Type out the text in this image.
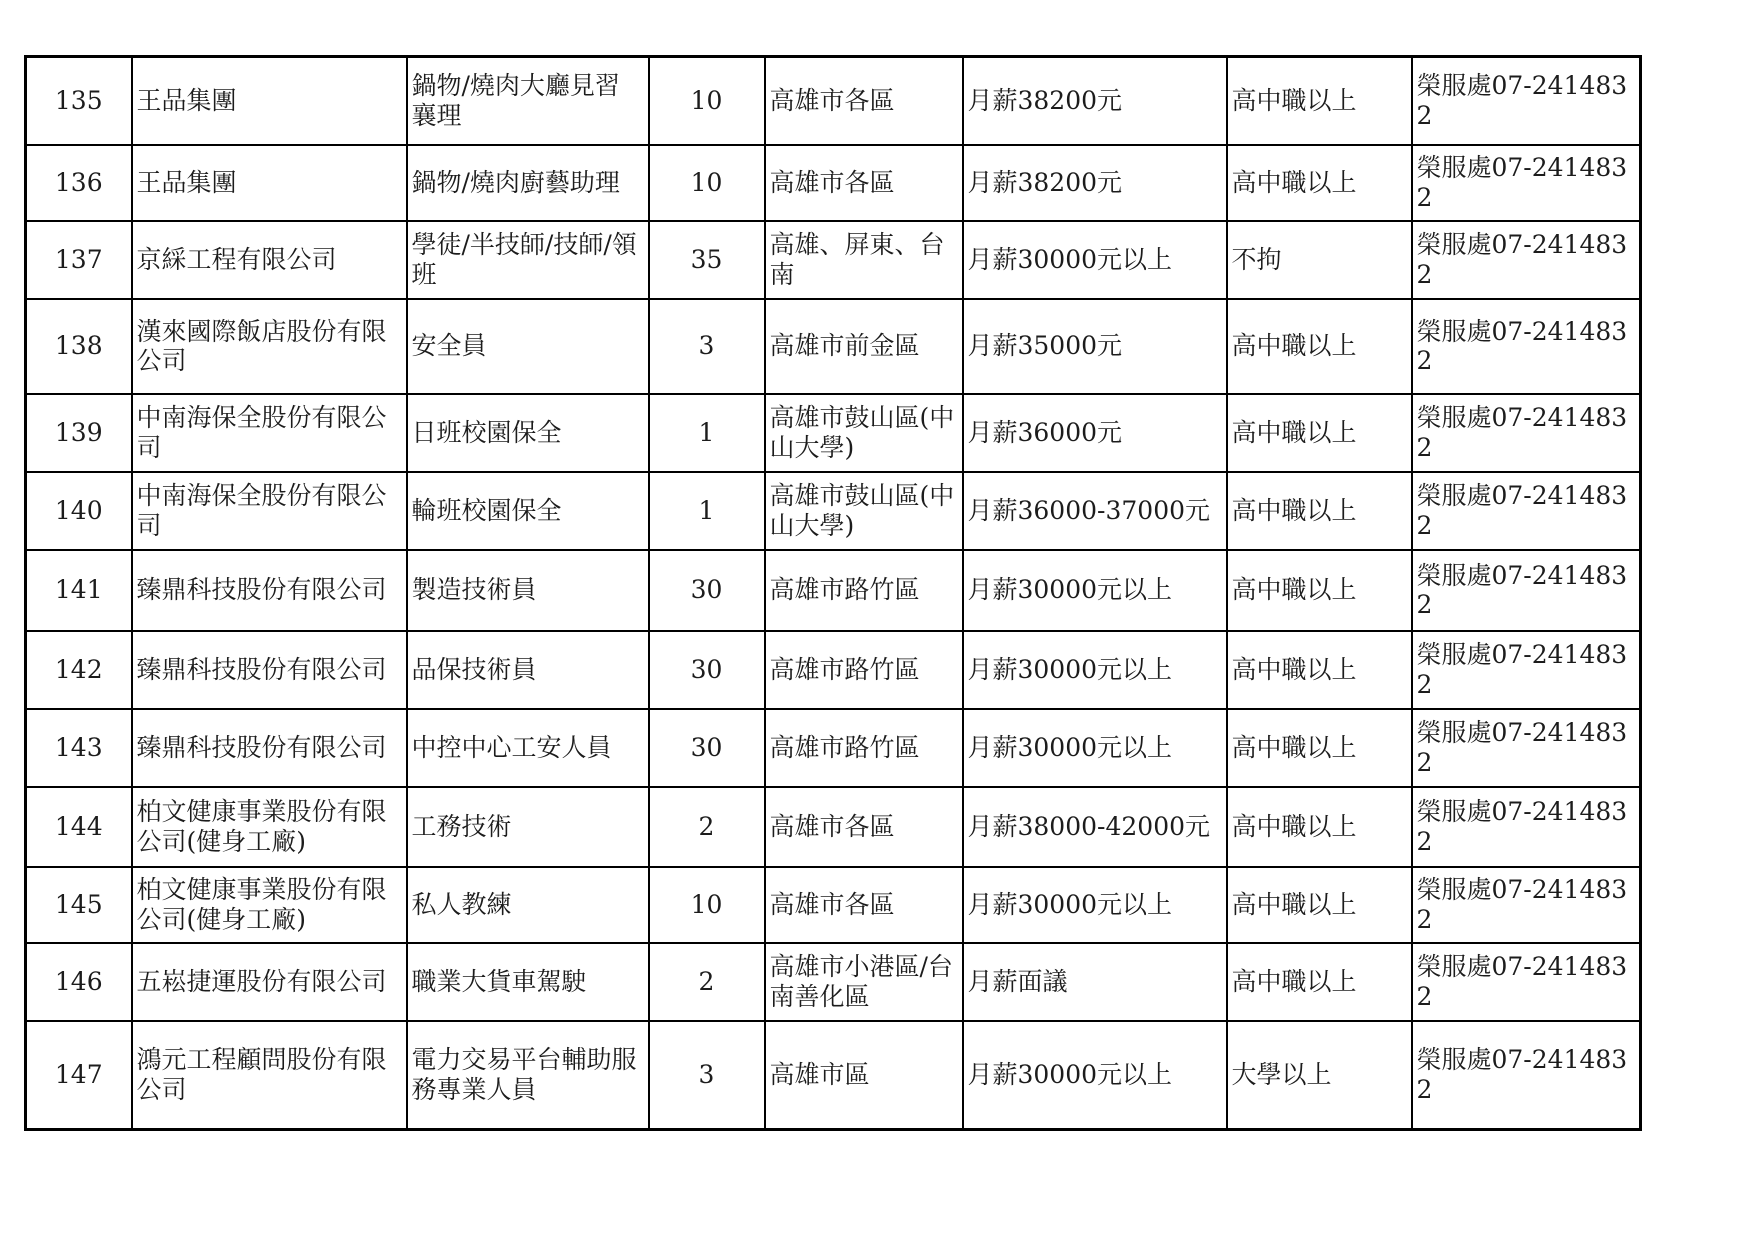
135	王品集團	鍋物/燒肉大廳見習襄理	10	高雄市各區	月薪38200元	高中職以上	榮服處07-2414832
136	王品集團	鍋物/燒肉廚藝助理	10	高雄市各區	月薪38200元	高中職以上	榮服處07-2414832
137	京綵工程有限公司	學徒/半技師/技師/領班	35	高雄、屏東、台南	月薪30000元以上	不拘	榮服處07-2414832
138	漢來國際飯店股份有限公司	安全員	3	高雄市前金區	月薪35000元	高中職以上	榮服處07-2414832
139	中南海保全股份有限公司	日班校園保全	1	高雄市鼓山區(中山大學)	月薪36000元	高中職以上	榮服處07-2414832
140	中南海保全股份有限公司	輪班校園保全	1	高雄市鼓山區(中山大學)	月薪36000-37000元	高中職以上	榮服處07-2414832
141	臻鼎科技股份有限公司	製造技術員	30	高雄市路竹區	月薪30000元以上	高中職以上	榮服處07-2414832
142	臻鼎科技股份有限公司	品保技術員	30	高雄市路竹區	月薪30000元以上	高中職以上	榮服處07-2414832
143	臻鼎科技股份有限公司	中控中心工安人員	30	高雄市路竹區	月薪30000元以上	高中職以上	榮服處07-2414832
144	柏文健康事業股份有限公司(健身工廠)	工務技術	2	高雄市各區	月薪38000-42000元	高中職以上	榮服處07-2414832
145	柏文健康事業股份有限公司(健身工廠)	私人教練	10	高雄市各區	月薪30000元以上	高中職以上	榮服處07-2414832
146	五崧捷運股份有限公司	職業大貨車駕駛	2	高雄市小港區/台南善化區	月薪面議	高中職以上	榮服處07-2414832
147	鴻元工程顧問股份有限公司	電力交易平台輔助服務專業人員	3	高雄市區	月薪30000元以上	大學以上	榮服處07-2414832
